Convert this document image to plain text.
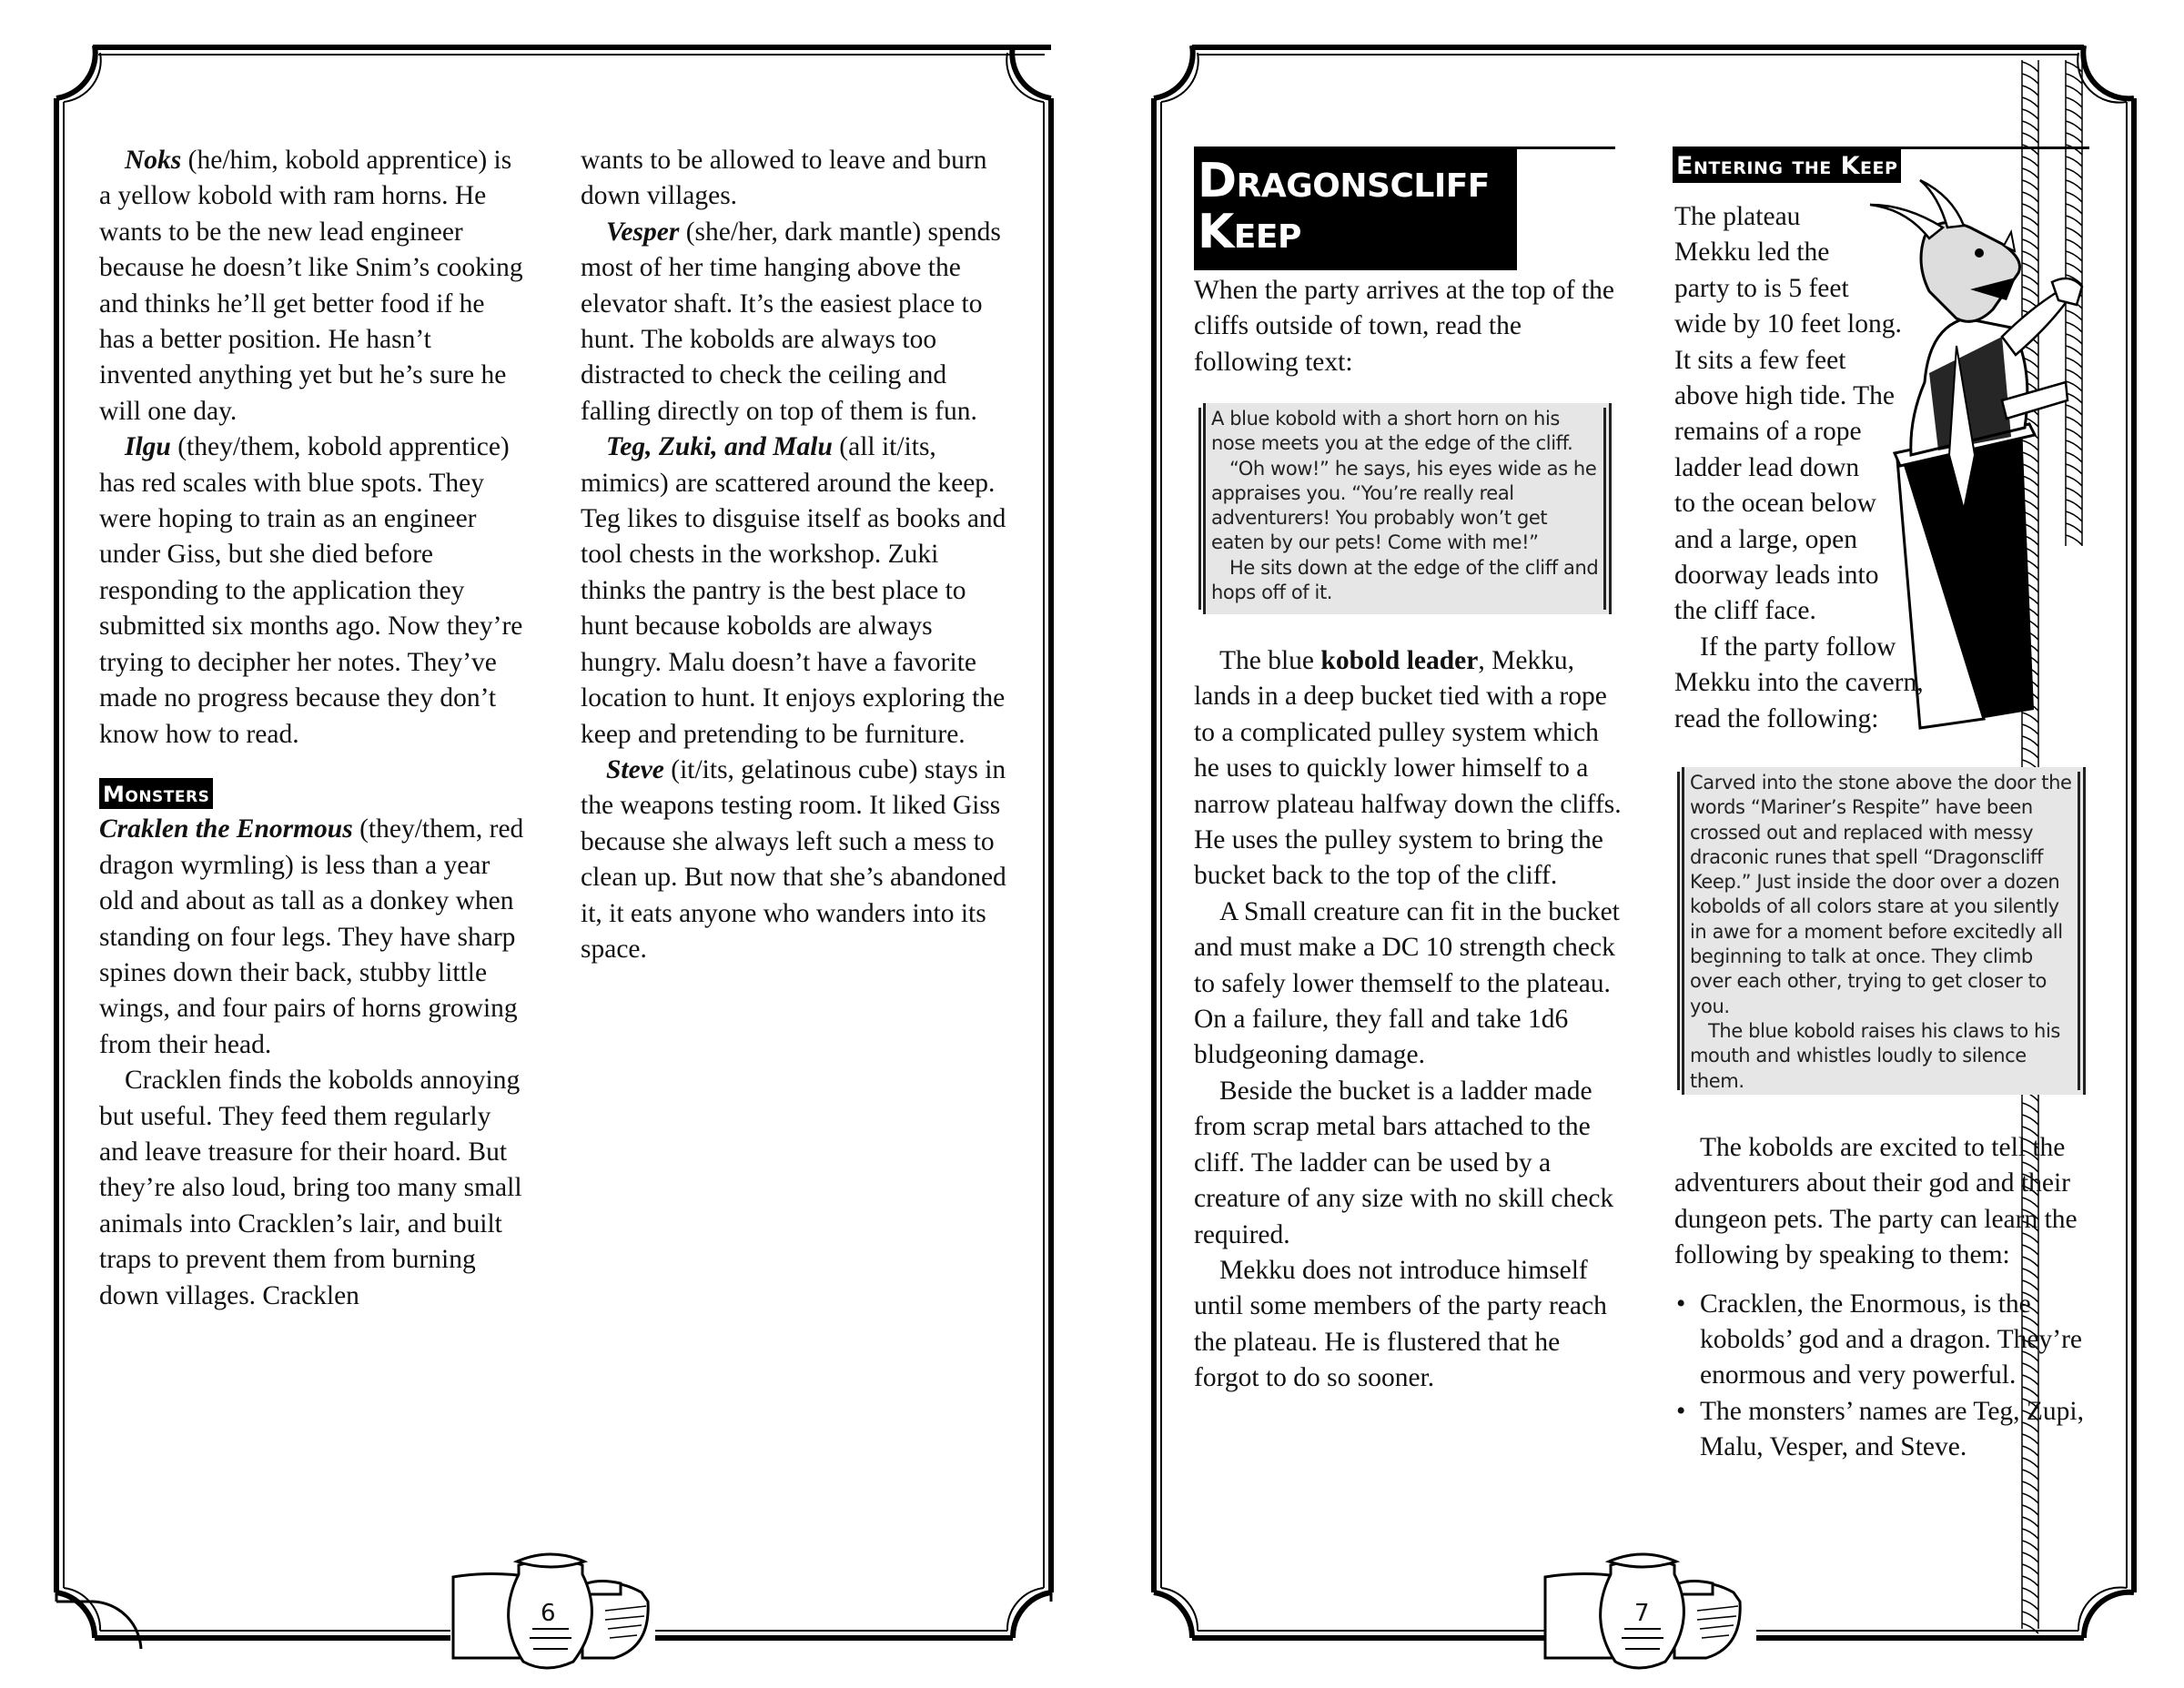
6	7

Noks (he/him, kobold apprentice) is a yellow kobold with ram horns. He wants to be the new lead engineer because he doesn’t like Snim’s cooking and thinks he’ll get better food if he has a better position. He hasn’t invented anything yet but he’s sure he will one day.

Ilgu (they/them, kobold apprentice) has red scales with blue spots. They were hoping to train as an engineer under Giss, but she died before responding to the application they submitted six months ago. Now they’re trying to decipher her notes. They’ve made no progress because they don’t know how to read.

Monsters

Craklen the Enormous (they/them, red dragon wyrmling) is less than a year old and about as tall as a donkey when standing on four legs. They have sharp spines down their back, stubby little wings, and four pairs of horns growing from their head.

Cracklen finds the kobolds annoying but useful. They feed them regularly and leave treasure for their hoard. But they’re also loud, bring too many small animals into Cracklen’s lair, and built traps to prevent them from burning down villages. Cracklen

wants to be allowed to leave and burn down villages.

Vesper (she/her, dark mantle) spends most of her time hanging above the elevator shaft. It’s the easiest place to hunt. The kobolds are always too distracted to check the ceiling and falling directly on top of them is fun.

Teg, Zuki, and Malu (all it/its, mimics) are scattered around the keep. Teg likes to disguise itself as books and tool chests in the workshop. Zuki thinks the pantry is the best place to hunt because kobolds are always hungry. Malu doesn’t have a favorite location to hunt. It enjoys exploring the keep and pretending to be furniture.

Steve (it/its, gelatinous cube) stays in the weapons testing room. It liked Giss because she always left such a mess to clean up. But now that she’s abandoned it, it eats anyone who wanders into its space.

Dragonscliff
Keep

When the party arrives at the top of the cliffs outside of town, read the following text:

A blue kobold with a short horn on his nose meets you at the edge of the cliff.

“Oh wow!” he says, his eyes wide as he appraises you. “You’re really real adventurers! You probably won’t get eaten by our pets! Come with me!”

He sits down at the edge of the cliff and hops off of it.

The blue kobold leader, Mekku, lands in a deep bucket tied with a rope to a complicated pulley system which he uses to quickly lower himself to a narrow plateau halfway down the cliffs. He uses the pulley system to bring the bucket back to the top of the cliff.

A Small creature can fit in the bucket and must make a DC 10 strength check to safely lower themself to the plateau. On a failure, they fall and take 1d6 bludgeoning damage.

Beside the bucket is a ladder made from scrap metal bars attached to the cliff. The ladder can be used by a creature of any size with no skill check required.

Mekku does not introduce himself until some members of the party reach the plateau. He is flustered that he forgot to do so sooner.

Entering the Keep
The plateau
Mekku led the
party to is 5 feet
wide by 10 feet long.
It sits a few feet
above high tide. The
remains of a rope
ladder lead down
to the ocean below
and a large, open
doorway leads into
the cliff face.
If the party follow
Mekku into the cavern,
read the following:

Carved into the stone above the door the words “Mariner’s Respite” have been crossed out and replaced with messy draconic runes that spell “Dragonscliff Keep.” Just inside the door over a dozen kobolds of all colors stare at you silently in awe for a moment before excitedly all beginning to talk at once. They climb over each other, trying to get closer to you.

The blue kobold raises his claws to his mouth and whistles loudly to silence them.

The kobolds are excited to tell the adventurers about their god and their dungeon pets. The party can learn the following by speaking to them:

• Cracklen, the Enormous, is the kobolds’ god and a dragon. They’re enormous and very powerful.
• The monsters’ names are Teg, Zupi, Malu, Vesper, and Steve.
